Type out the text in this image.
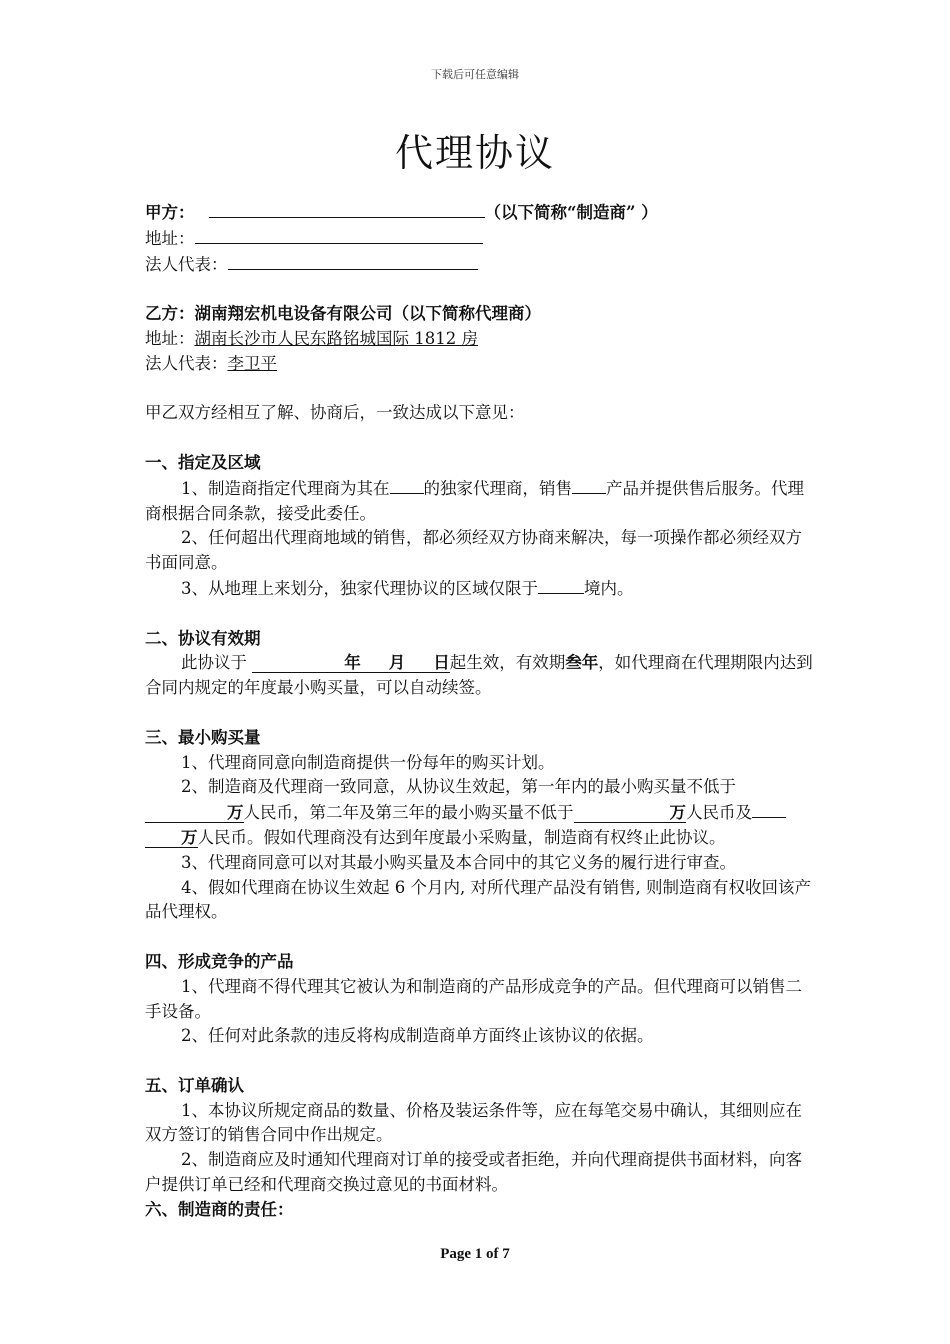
下载后可任意编辑
代理协议
甲方：	（以下简称“制造商” ）
地址：
法人代表：
乙方：湖南翔宏机电设备有限公司（以下简称代理商）
地址：湖南长沙市人民东路铭城国际 1812 房
法人代表：李卫平
甲乙双方经相互了解、协商后，一致达成以下意见：
一、指定及区域
1、制造商指定代理商为其在 的独家代理商，销售 产品并提供售后服务。代理商根据合同条款，接受此委任。
2、任何超出代理商地域的销售，都必须经双方协商来解决，每一项操作都必须经双方书面同意。
3、从地理上来划分，独家代理协议的区域仅限于	境内。
二、协议有效期
此协议于	年 月 日起生效，有效期叁年，如代理商在代理期限内达到合同内规定的年度最小购买量，可以自动续签。
三、最小购买量
1、代理商同意向制造商提供一份每年的购买计划。
2、制造商及代理商一致同意，从协议生效起，第一年内的最小购买量不低于万人民币，第二年及第三年的最小购买量不低于	万人民币及万人民币。假如代理商没有达到年度最小采购量，制造商有权终止此协议。
3、代理商同意可以对其最小购买量及本合同中的其它义务的履行进行审查。
4、假如代理商在协议生效起 6 个月内, 对所代理产品没有销售, 则制造商有权收回该产品代理权。
四、形成竞争的产品
1、代理商不得代理其它被认为和制造商的产品形成竞争的产品。但代理商可以销售二手设备。
2、任何对此条款的违反将构成制造商单方面终止该协议的依据。
五、订单确认
1、本协议所规定商品的数量、价格及装运条件等，应在每笔交易中确认，其细则应在双方签订的销售合同中作出规定。
2、制造商应及时通知代理商对订单的接受或者拒绝，并向代理商提供书面材料，向客户提供订单已经和代理商交换过意见的书面材料。
六、制造商的责任：
Page 1 of 7
